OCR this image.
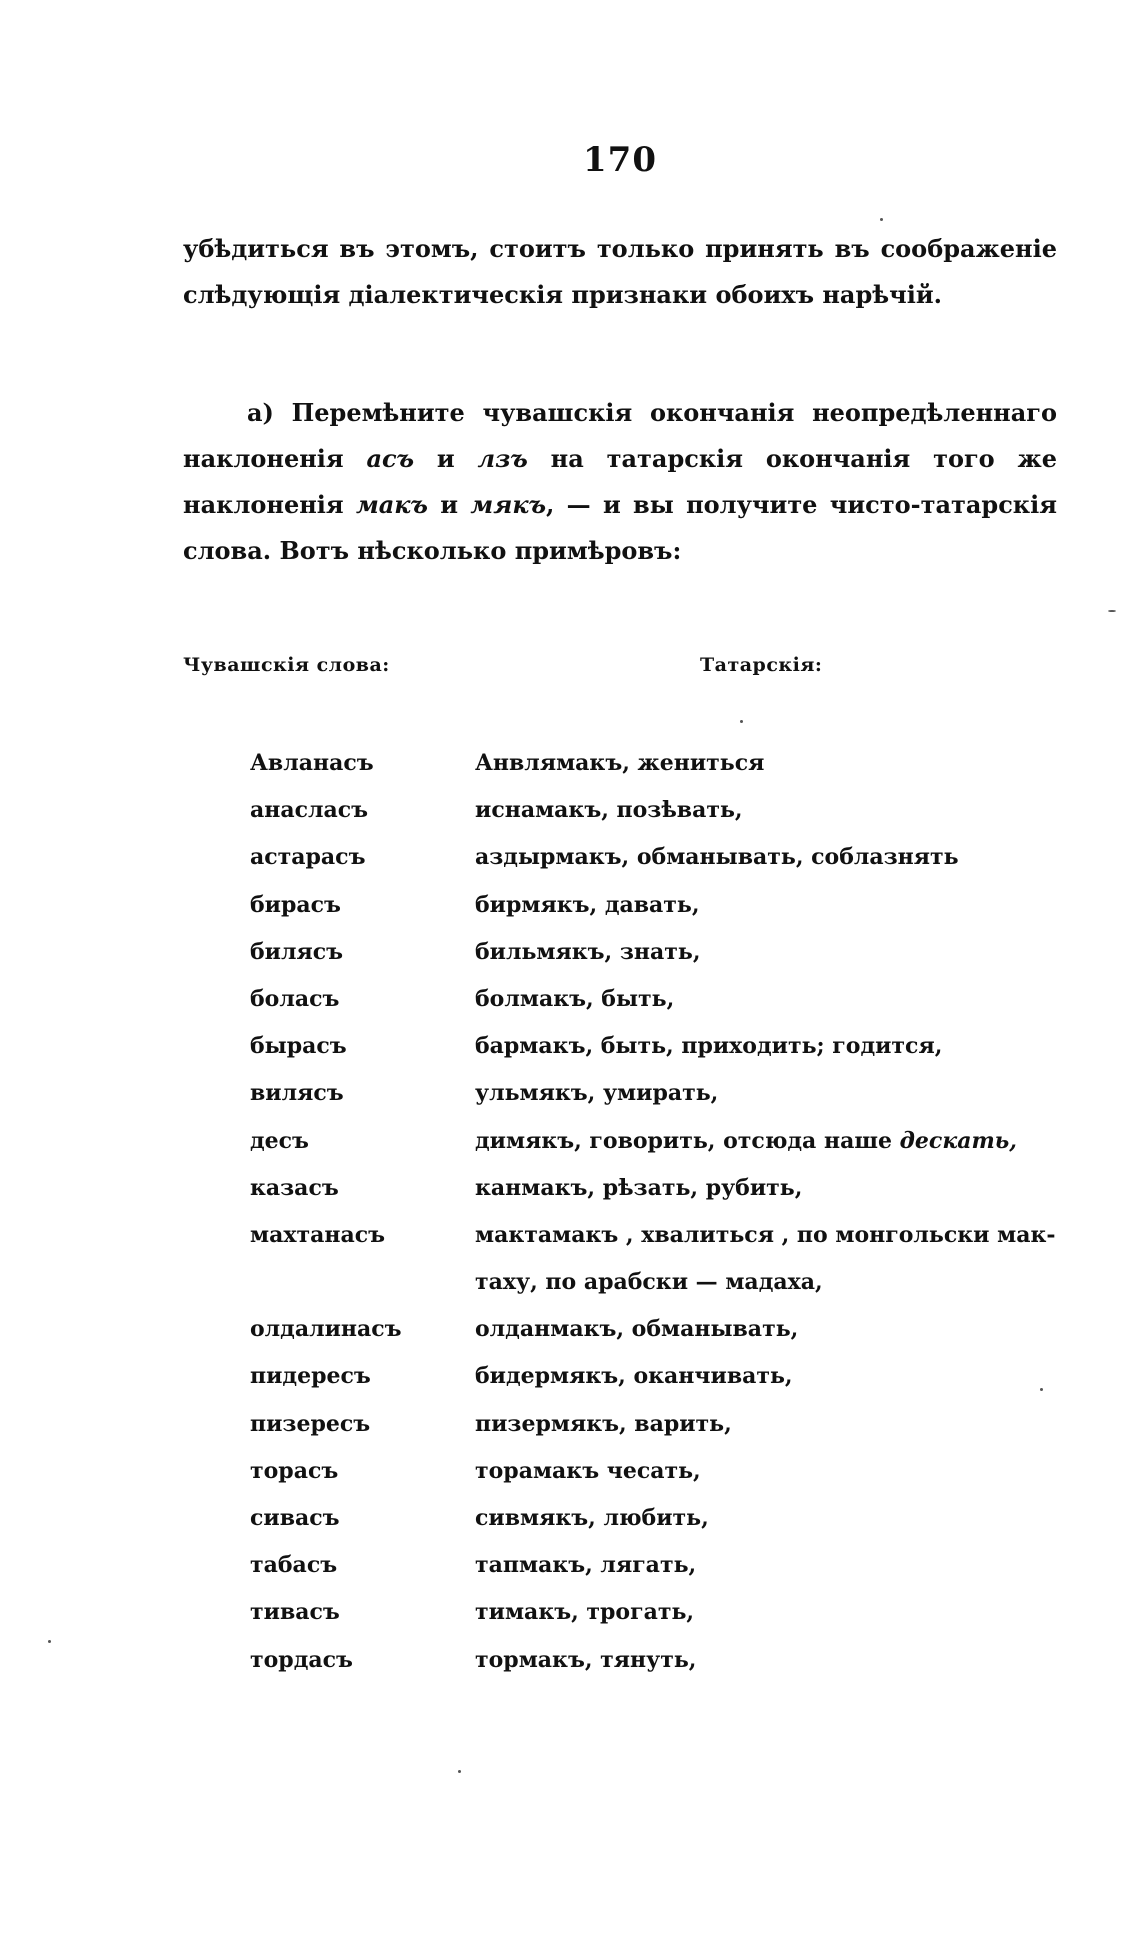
170

убѣдиться въ этомъ, стоитъ только принять въ соображеніе слѣдующія діалектическія признаки обоихъ нарѣчій.

а) Перемѣните чувашскія окончанія неопредѣленнаго наклоненія асъ и лзъ на татарскія окончанія того же наклоненія макъ и мякъ, — и вы получите чисто-татарскія слова. Вотъ нѣсколько примѣровъ:

Чувашскія слова:	Татарскія:
Авланасъ	Анвлямакъ, жениться
анасласъ	иснамакъ, позѣвать,
астарасъ	аздырмакъ, обманывать, соблазнять
бирасъ	бирмякъ, давать,
билясъ	бильмякъ, знать,
боласъ	болмакъ, быть,
бырасъ	бармакъ, быть, приходить; годится,
вилясъ	ульмякъ, умирать,
десъ	димякъ, говорить, отсюда наше дескать,
казасъ	канмакъ, рѣзать, рубить,
махтанасъ	мактамакъ , хвалиться , по монгольски мак-
таху, по арабски — мадаха,
олдалинасъ	олданмакъ, обманывать,
пидересъ	бидермякъ, оканчивать,
пизересъ	пизермякъ, варить,
торасъ	торамакъ чесать,
сивасъ	сивмякъ, любить,
табасъ	тапмакъ, лягать,
тивасъ	тимакъ, трогать,
тордасъ	тормакъ, тянуть,
